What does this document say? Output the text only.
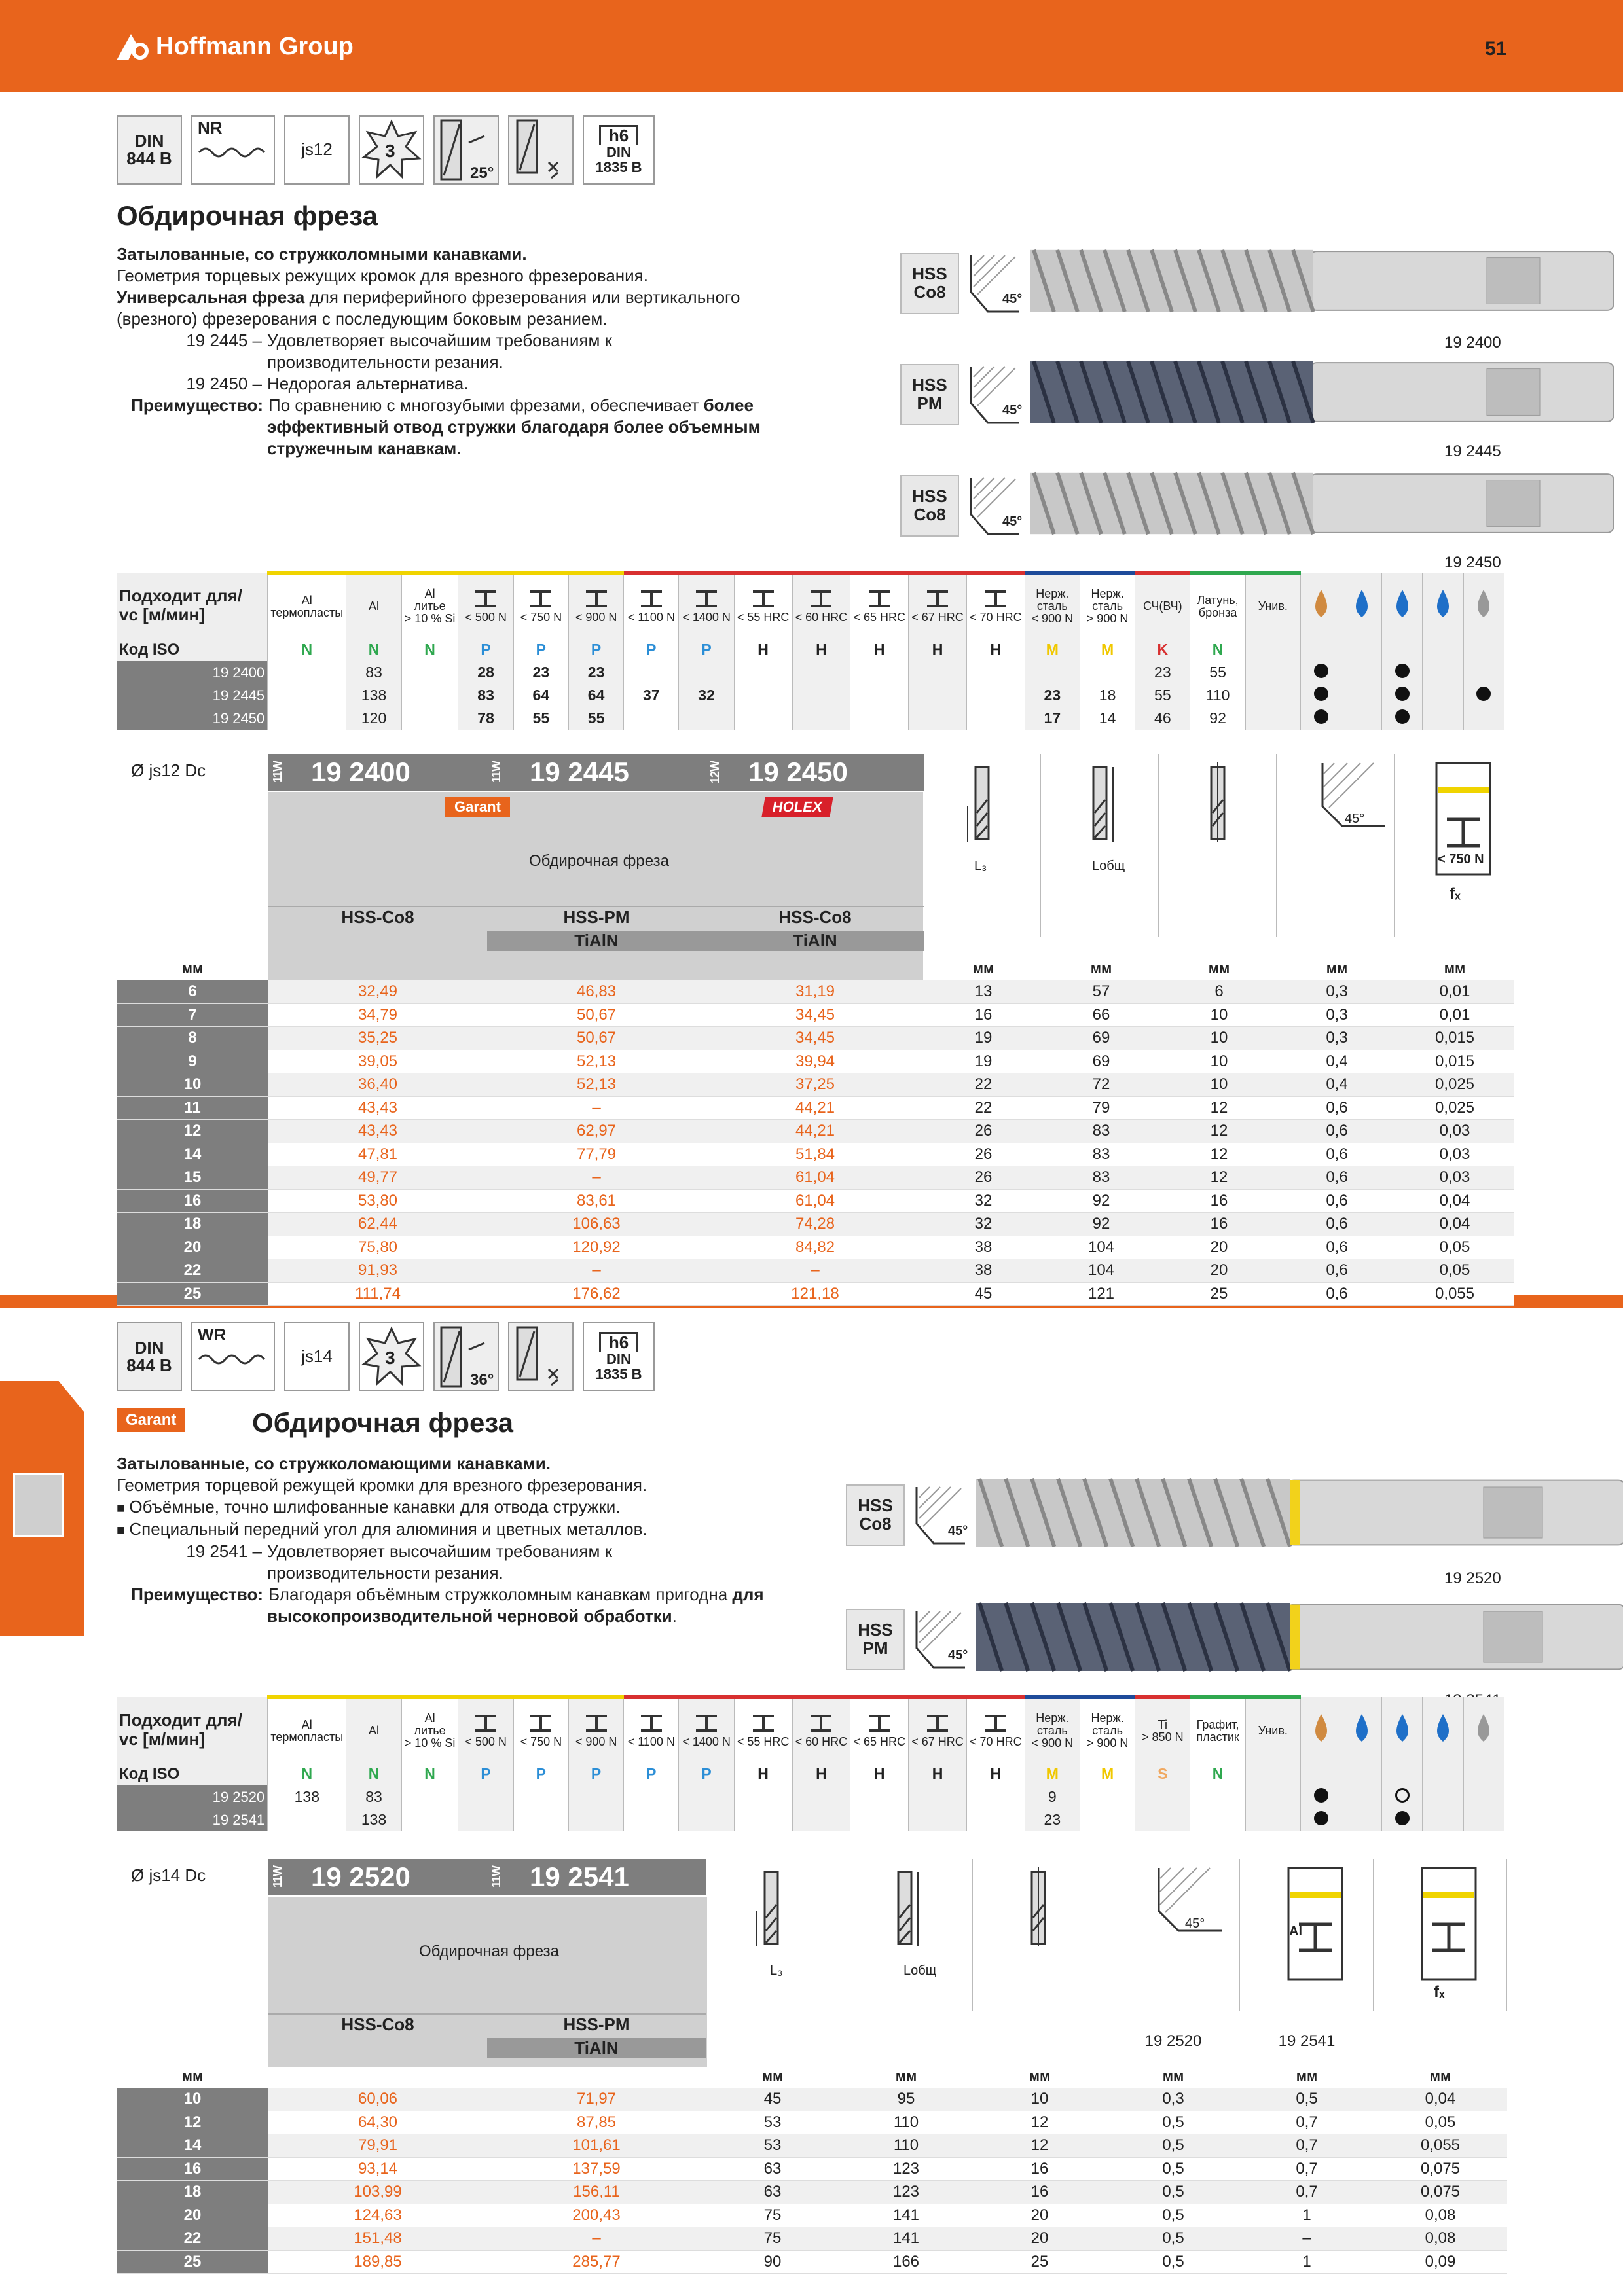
Hoffmann Group	51	RUE
DIN
844 B
NR
js12	3
25°
h6
DIN
1835 B
Обдирочная фреза

Затылованные, со стружколомными канавками.

Геометрия торцевых режущих кромок для врезного фрезерования.

Универсальная фреза для периферийного фрезерования или вертикального

(врезного) фрезерования с последующим боковым резанием.

19 2445 – Удовлетворяет высочайшим требованиям к

производительности резания.

19 2450 – Недорогая альтернатива.

Преимущество: По сравнению с многозубыми фрезами, обеспечивает более

эффективный отвод стружки благодаря более объемным

стружечным канавкам.

HSS
Co8	45°
19 2400
HSS
PM	45°
19 2445
HSS
Co8	45°
19 2450
Подходит для/
vᴄ [м/мин]	Al
термопласты	Al	Al
литье
> 10 % Si	< 500 N	< 750 N	< 900 N	< 1100 N	< 1400 N	< 55 HRC	< 60 HRC	< 65 HRC	< 67 HRC	< 70 HRC	Нерж.
сталь
< 900 N	Нерж.
сталь
> 900 N	СЧ(ВЧ)	Латунь,
бронза	Унив.

Код ISO	N	N	N	P	P	P	P	P	H	H	H	H	H	M	M	K	N						
19 2400		83		28	23	23										23	55						
19 2445		138		83	64	64	37	32						23	18	55	110						
19 2450		120		78	55	55								17	14	46	92						
Ø js12 Dᴄ	11W 19 2400	11W 19 2445	12W 19 2450
Обдирочная фреза
Garant	HOLEX
HSS-Co8	HSS-PM
TiAlN
HSS-Co8
TiAlN
L₃	Lобщ
45°
< 750 N
fₓ
мм				мм	мм	мм	мм	мм
6	32,49	46,83	31,19	13	57	6	0,3	0,01
7	34,79	50,67	34,45	16	66	10	0,3	0,01
8	35,25	50,67	34,45	19	69	10	0,3	0,015
9	39,05	52,13	39,94	19	69	10	0,4	0,015
10	36,40	52,13	37,25	22	72	10	0,4	0,025
11	43,43	–	44,21	22	79	12	0,6	0,025
12	43,43	62,97	44,21	26	83	12	0,6	0,03
14	47,81	77,79	51,84	26	83	12	0,6	0,03
15	49,77	–	61,04	26	83	12	0,6	0,03
16	53,80	83,61	61,04	32	92	16	0,6	0,04
18	62,44	106,63	74,28	32	92	16	0,6	0,04
20	75,80	120,92	84,82	38	104	20	0,6	0,05
22	91,93	–	–	38	104	20	0,6	0,05
25	111,74	176,62	121,18	45	121	25	0,6	0,055
DIN
844 B
WR
js14	3
36°
h6
DIN
1835 B
Garant	Обдирочная фреза

Затылованные, со стружколомающими канавками.

Геометрия торцевой режущей кромки для врезного фрезерования.

■ Объёмные, точно шлифованные канавки для отвода стружки.

■ Специальный передний угол для алюминия и цветных металлов.

19 2541 – Удовлетворяет высочайшим требованиям к

производительности резания.

Преимущество: Благодаря объёмным стружколомным канавкам пригодна для

высокопроизводительной черновой обработки.

HSS
Co8	45°
19 2520
HSS
PM	45°
Подходит для/
vᴄ [м/мин]	Al
термопласты	Al	Al
литье
> 10 % Si	< 500 N	< 750 N	< 900 N	< 1100 N	< 1400 N	< 55 HRC	< 60 HRC	< 65 HRC	< 67 HRC	< 70 HRC	Нерж.
сталь
< 900 N	Нерж.
сталь
> 900 N	Ti
> 850 N	Графит,
пластик	Унив.

Код ISO	N	N	N	P	P	P	P	P	H	H	H	H	H	M	M	S	N						
19 2520	138	83												9									
19 2541		138												23									
Ø js14 Dᴄ	11W 19 2520	11W 19 2541
Обдирочная фреза
HSS-Co8	HSS-PM
TiAlN
L₃	Lобщ
45°
Al
fₓ
19 2520	19 2541
мм			мм	мм	мм	мм	мм	мм
10	60,06	71,97	45	95	10	0,3	0,5	0,04
12	64,30	87,85	53	110	12	0,5	0,7	0,05
14	79,91	101,61	53	110	12	0,5	0,7	0,055
16	93,14	137,59	63	123	16	0,5	0,7	0,075
18	103,99	156,11	63	123	16	0,5	0,7	0,075
20	124,63	200,43	75	141	20	0,5	1	0,08
22	151,48	–	75	141	20	0,5	–	0,08
25	189,85	285,77	90	166	25	0,5	1	0,09
